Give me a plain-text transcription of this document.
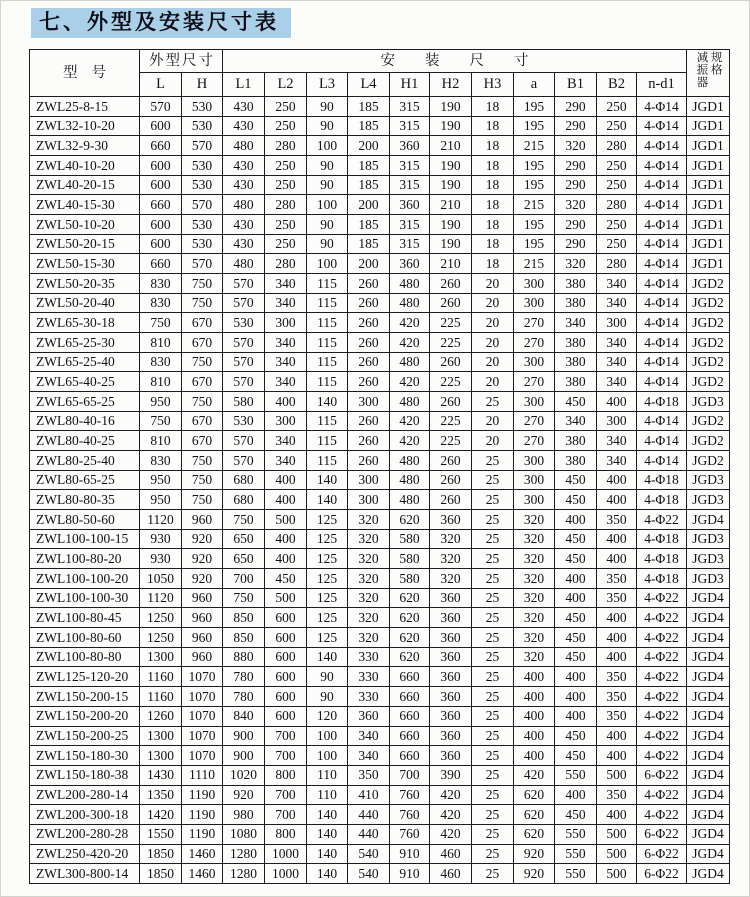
七、外型及安装尺寸表
型号	外型尺寸		安装尺寸											减振器 规格

	L	H	L1	L2	L3	L4	H1	H2	H3	a	B1	B2	n-d1	
ZWL25-8-15	570	530	430	250	90	185	315	190	18	195	290	250	4-Φ14	JGD1
ZWL32-10-20	600	530	430	250	90	185	315	190	18	195	290	250	4-Φ14	JGD1
ZWL32-9-30	660	570	480	280	100	200	360	210	18	215	320	280	4-Φ14	JGD1
ZWL40-10-20	600	530	430	250	90	185	315	190	18	195	290	250	4-Φ14	JGD1
ZWL40-20-15	600	530	430	250	90	185	315	190	18	195	290	250	4-Φ14	JGD1
ZWL40-15-30	660	570	480	280	100	200	360	210	18	215	320	280	4-Φ14	JGD1
ZWL50-10-20	600	530	430	250	90	185	315	190	18	195	290	250	4-Φ14	JGD1
ZWL50-20-15	600	530	430	250	90	185	315	190	18	195	290	250	4-Φ14	JGD1
ZWL50-15-30	660	570	480	280	100	200	360	210	18	215	320	280	4-Φ14	JGD1
ZWL50-20-35	830	750	570	340	115	260	480	260	20	300	380	340	4-Φ14	JGD2
ZWL50-20-40	830	750	570	340	115	260	480	260	20	300	380	340	4-Φ14	JGD2
ZWL65-30-18	750	670	530	300	115	260	420	225	20	270	340	300	4-Φ14	JGD2
ZWL65-25-30	810	670	570	340	115	260	420	225	20	270	380	340	4-Φ14	JGD2
ZWL65-25-40	830	750	570	340	115	260	480	260	20	300	380	340	4-Φ14	JGD2
ZWL65-40-25	810	670	570	340	115	260	420	225	20	270	380	340	4-Φ14	JGD2
ZWL65-65-25	950	750	580	400	140	300	480	260	25	300	450	400	4-Φ18	JGD3
ZWL80-40-16	750	670	530	300	115	260	420	225	20	270	340	300	4-Φ14	JGD2
ZWL80-40-25	810	670	570	340	115	260	420	225	20	270	380	340	4-Φ14	JGD2
ZWL80-25-40	830	750	570	340	115	260	480	260	25	300	380	340	4-Φ14	JGD2
ZWL80-65-25	950	750	680	400	140	300	480	260	25	300	450	400	4-Φ18	JGD3
ZWL80-80-35	950	750	680	400	140	300	480	260	25	300	450	400	4-Φ18	JGD3
ZWL80-50-60	1120	960	750	500	125	320	620	360	25	320	400	350	4-Φ22	JGD4
ZWL100-100-15	930	920	650	400	125	320	580	320	25	320	450	400	4-Φ18	JGD3
ZWL100-80-20	930	920	650	400	125	320	580	320	25	320	450	400	4-Φ18	JGD3
ZWL100-100-20	1050	920	700	450	125	320	580	320	25	320	400	350	4-Φ18	JGD3
ZWL100-100-30	1120	960	750	500	125	320	620	360	25	320	400	350	4-Φ22	JGD4
ZWL100-80-45	1250	960	850	600	125	320	620	360	25	320	450	400	4-Φ22	JGD4
ZWL100-80-60	1250	960	850	600	125	320	620	360	25	320	450	400	4-Φ22	JGD4
ZWL100-80-80	1300	960	880	600	140	330	620	360	25	320	450	400	4-Φ22	JGD4
ZWL125-120-20	1160	1070	780	600	90	330	660	360	25	400	400	350	4-Φ22	JGD4
ZWL150-200-15	1160	1070	780	600	90	330	660	360	25	400	400	350	4-Φ22	JGD4
ZWL150-200-20	1260	1070	840	600	120	360	660	360	25	400	400	350	4-Φ22	JGD4
ZWL150-200-25	1300	1070	900	700	100	340	660	360	25	400	450	400	4-Φ22	JGD4
ZWL150-180-30	1300	1070	900	700	100	340	660	360	25	400	450	400	4-Φ22	JGD4
ZWL150-180-38	1430	1110	1020	800	110	350	700	390	25	420	550	500	6-Φ22	JGD4
ZWL200-280-14	1350	1190	920	700	110	410	760	420	25	620	400	350	4-Φ22	JGD4
ZWL200-300-18	1420	1190	980	700	140	440	760	420	25	620	450	400	4-Φ22	JGD4
ZWL200-280-28	1550	1190	1080	800	140	440	760	420	25	620	550	500	6-Φ22	JGD4
ZWL250-420-20	1850	1460	1280	1000	140	540	910	460	25	920	550	500	6-Φ22	JGD4
ZWL300-800-14	1850	1460	1280	1000	140	540	910	460	25	920	550	500	6-Φ22	JGD4
